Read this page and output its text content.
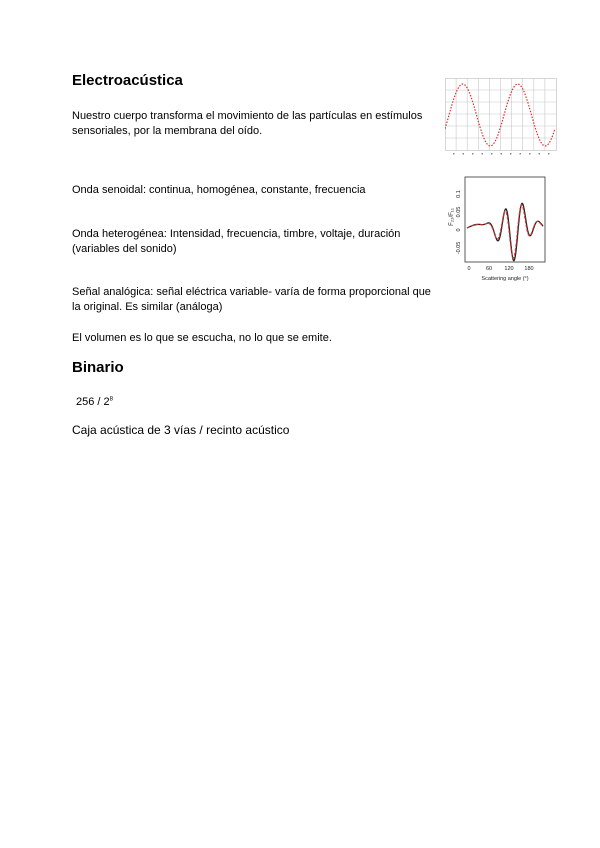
Electroacústica
Nuestro cuerpo transforma el movimiento de las partículas en estímulos sensoriales, por la membrana del oído.
Onda senoidal: continua, homogénea, constante, frecuencia
0	60 120 180
Scattering angle (°)
0.1
0.05
0
-0.05
F₂₂/F₁₁
Onda heterogénea: Intensidad, frecuencia, timbre, voltaje, duración (variables del sonido)
Señal analógica: señal eléctrica variable- varía de forma proporcional que la original. Es similar (análoga)
El volumen es lo que se escucha, no lo que se emite.
Binario
$256 / 2^8$
Caja acústica de 3 vías / recinto acústico
